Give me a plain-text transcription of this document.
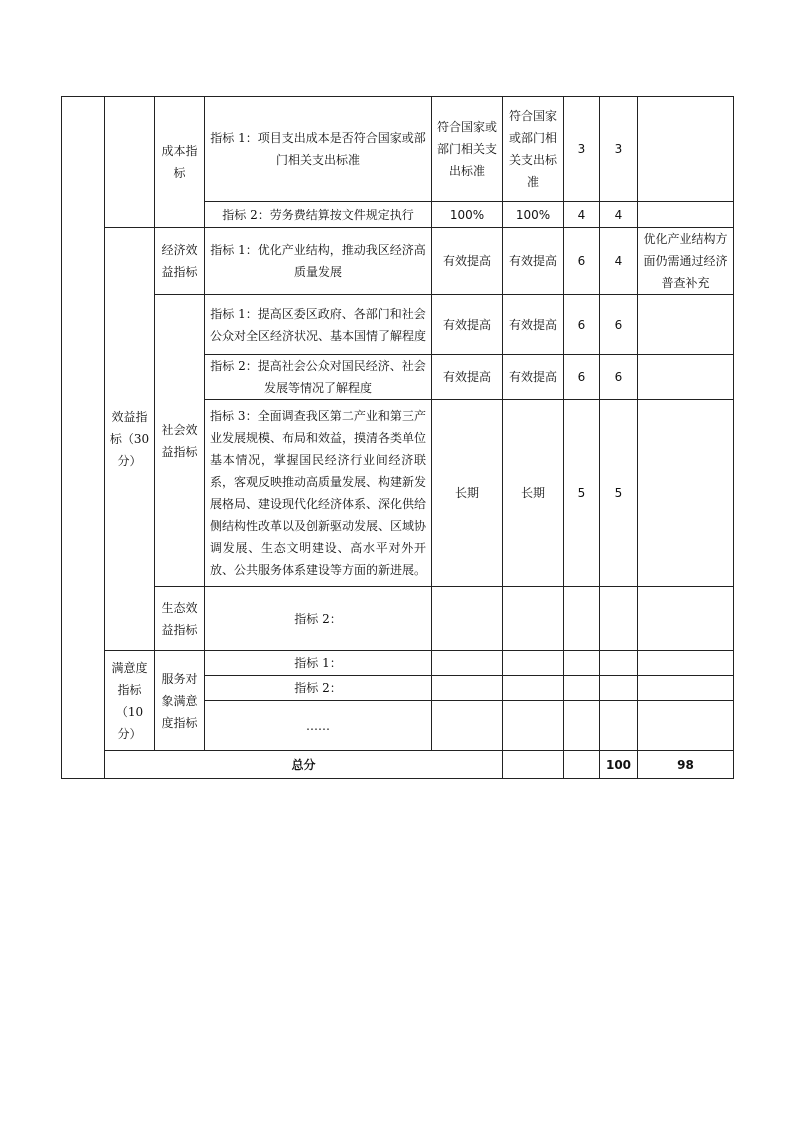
		成本指标	指标 1：项目支出成本是否符合国家或部门相关支出标准	符合国家或部门相关支出标准	符合国家或部门相关支出标准	3	3		
			指标 2：劳务费结算按文件规定执行	100%	100%	4	4		
	效益指标（30分）	经济效益指标	指标 1：优化产业结构，推动我区经济高质量发展	有效提高	有效提高	6	4	优化产业结构方面仍需通过经济普查补充	
		社会效益指标	指标 1：提高区委区政府、各部门和社会公众对全区经济状况、基本国情了解程度	有效提高	有效提高	6	6		
			指标 2：提高社会公众对国民经济、社会发展等情况了解程度	有效提高	有效提高	6	6		
			指标 3：全面调查我区第二产业和第三产业发展规模、布局和效益，摸清各类单位基本情况，掌握国民经济行业间经济联系，客观反映推动高质量发展、构建新发展格局、建设现代化经济体系、深化供给侧结构性改革以及创新驱动发展、区域协调发展、生态文明建设、高水平对外开放、公共服务体系建设等方面的新进展。	长期	长期	5	5		
		生态效益指标	指标 2：						
	满意度指标（10分）	服务对象满意度指标	指标 1：						
			指标 2：						
			……						
	总分						100	98	
